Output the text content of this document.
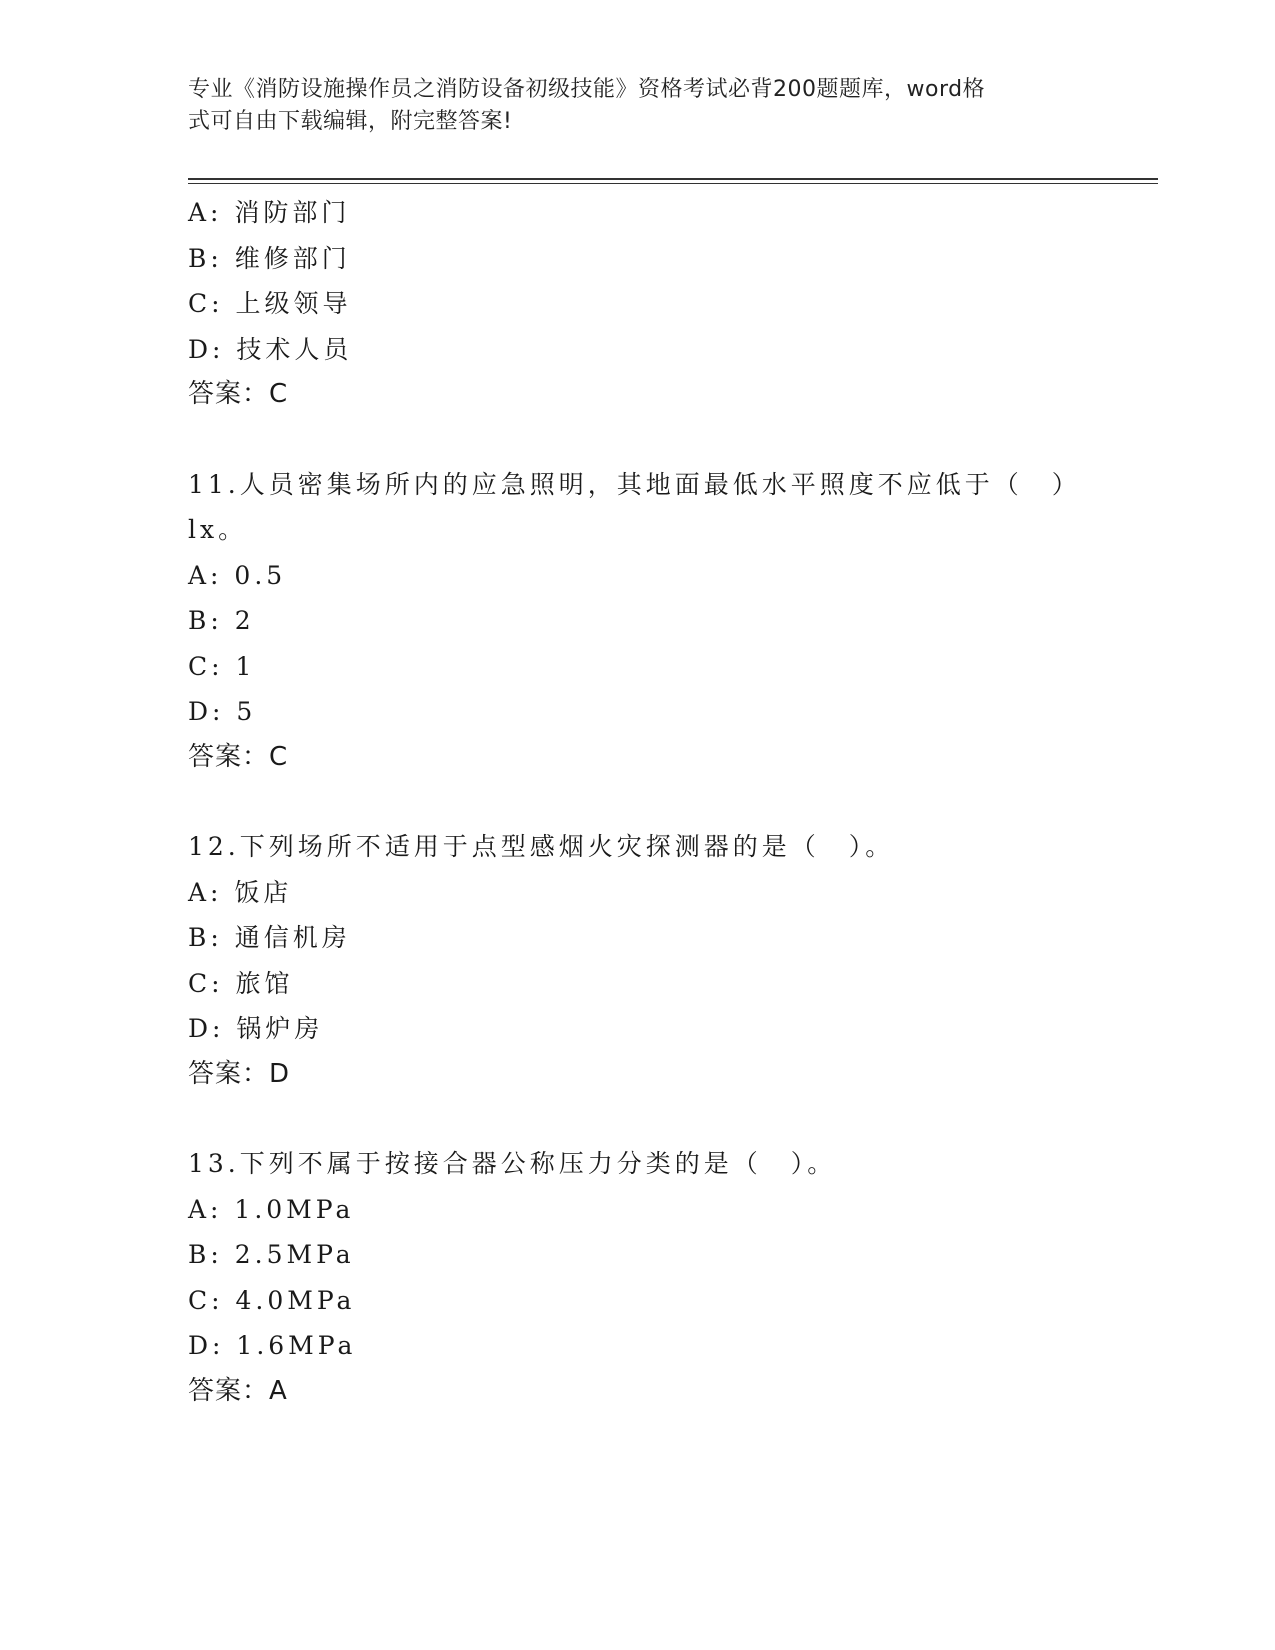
专业《消防设施操作员之消防设备初级技能》资格考试必背200题题库，word格
式可自由下载编辑，附完整答案!
A: 消防部门
B: 维修部门
C: 上级领导
D: 技术人员
答案：C
11.人员密集场所内的应急照明，其地面最低水平照度不应低于（　）
lx。
A: 0.5
B: 2
C: 1
D: 5
答案：C
12.下列场所不适用于点型感烟火灾探测器的是（　）。
A: 饭店
B: 通信机房
C: 旅馆
D: 锅炉房
答案：D
13.下列不属于按接合器公称压力分类的是（　）。
A: 1.0MPa
B: 2.5MPa
C: 4.0MPa
D: 1.6MPa
答案：A
